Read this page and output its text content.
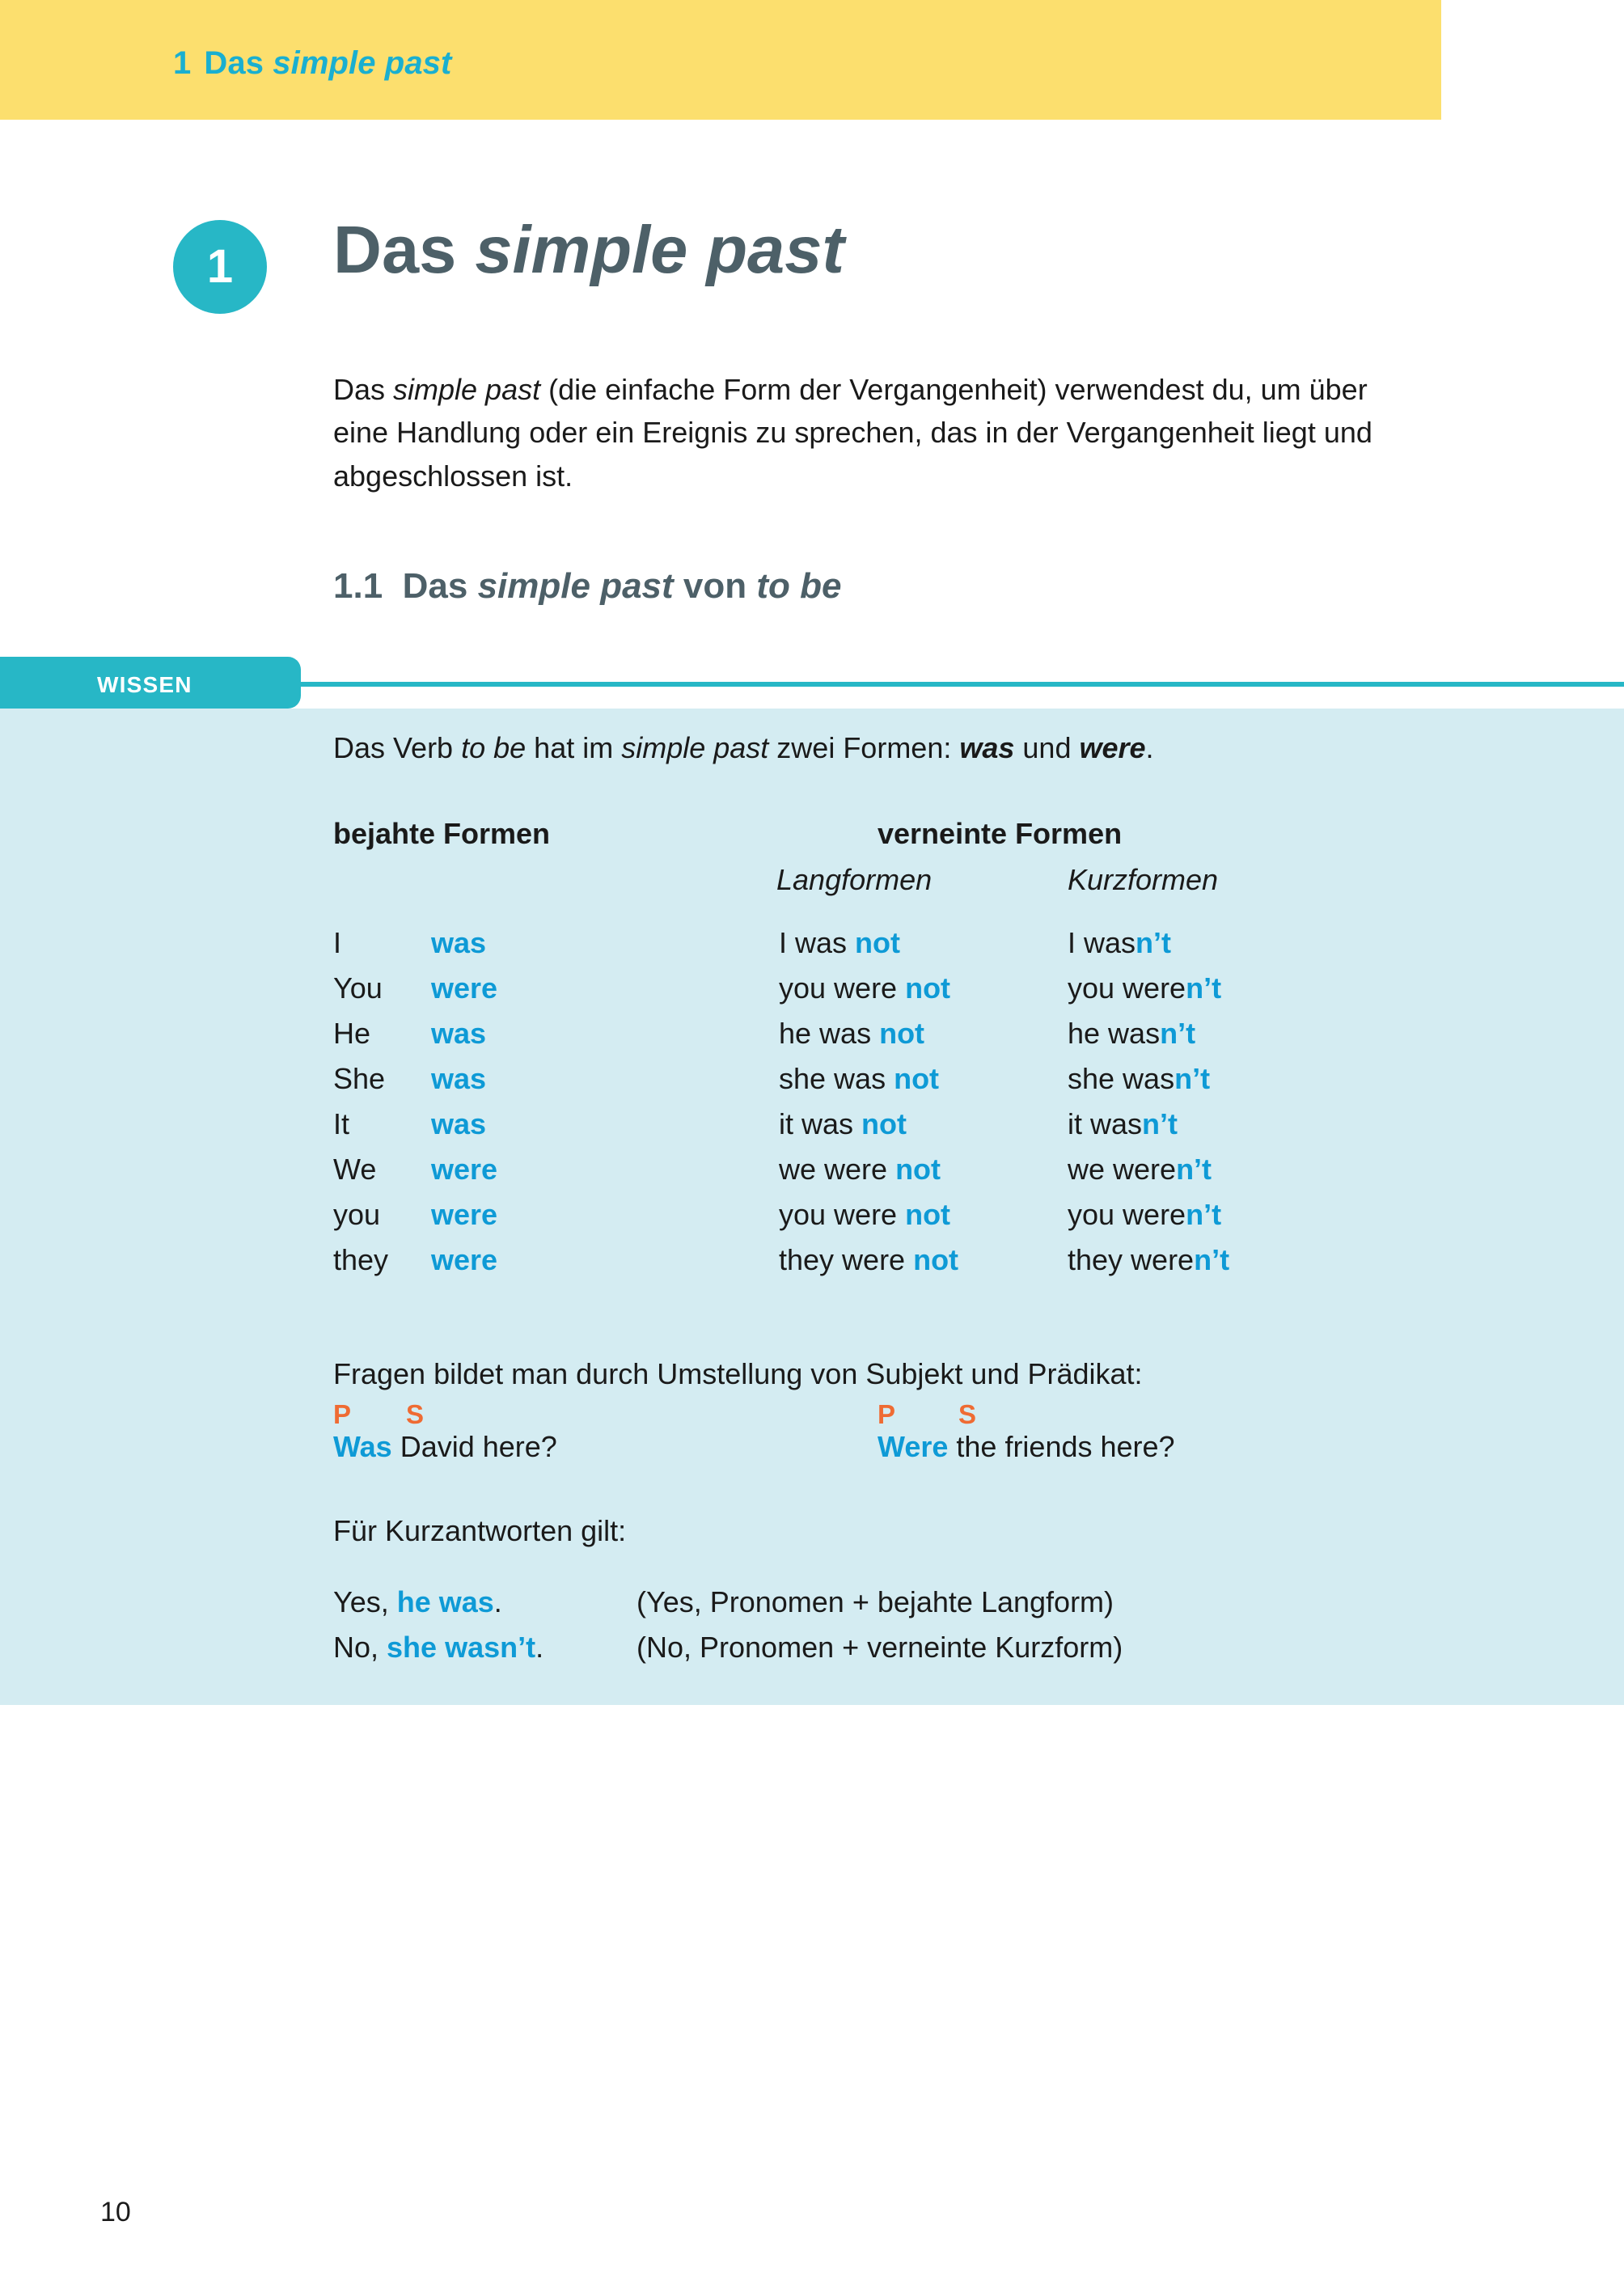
1 Das simple past
1 Das simple past
Das simple past (die einfache Form der Vergangenheit) verwendest du, um über eine Handlung oder ein Ereignis zu sprechen, das in der Vergangenheit liegt und abgeschlossen ist.
1.1 Das simple past von to be
WISSEN
Das Verb to be hat im simple past zwei Formen: was und were.
bejahte Formen	verneinte Formen
Langformen	Kurzformen
I	was	I was not	I wasn’t
You were	you were not	you weren’t
He was	he was not	he wasn’t
She was	she was not	she wasn’t
It	was	it was not	it wasn’t
We were	we were not	we weren’t
you were	you were not	you weren’t
they were	they were not	they weren’t
Fragen bildet man durch Umstellung von Subjekt und Prädikat:
P S
Was David here?
P S
Were the friends here?
Für Kurzantworten gilt:
Yes, he was.	(Yes, Pronomen + bejahte Langform)
No, she wasn’t.	(No, Pronomen + verneinte Kurzform)
10
